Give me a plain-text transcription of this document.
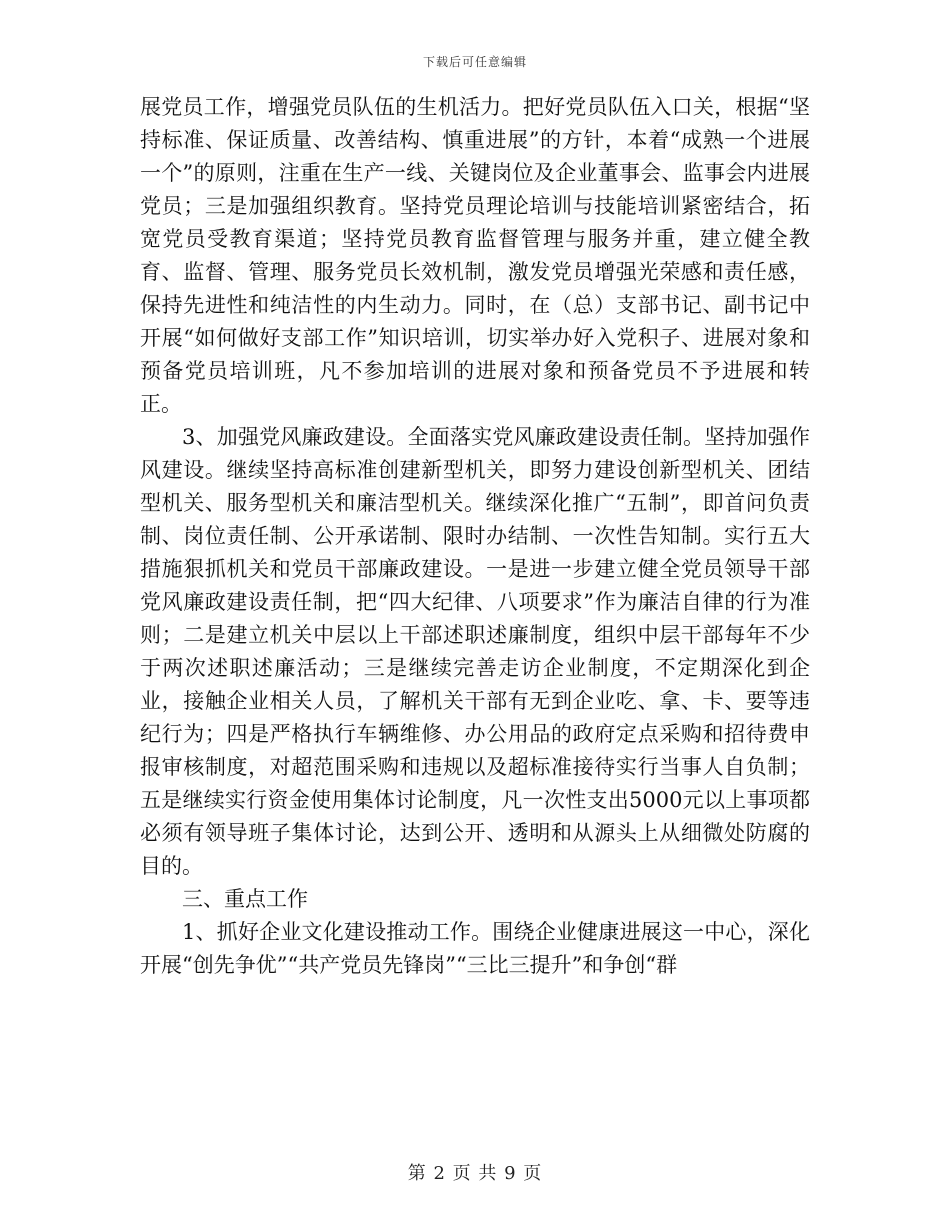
下载后可任意编辑

展党员工作，增强党员队伍的生机活力。把好党员队伍入口关，根据“坚持标准、保证质量、改善结构、慎重进展”的方针，本着“成熟一个进展一个”的原则，注重在生产一线、关键岗位及企业董事会、监事会内进展党员；三是加强组织教育。坚持党员理论培训与技能培训紧密结合，拓宽党员受教育渠道；坚持党员教育监督管理与服务并重，建立健全教育、监督、管理、服务党员长效机制，激发党员增强光荣感和责任感，保持先进性和纯洁性的内生动力。同时，在（总）支部书记、副书记中开展“如何做好支部工作”知识培训，切实举办好入党积子、进展对象和预备党员培训班，凡不参加培训的进展对象和预备党员不予进展和转正。

3、加强党风廉政建设。全面落实党风廉政建设责任制。坚持加强作风建设。继续坚持高标准创建新型机关，即努力建设创新型机关、团结型机关、服务型机关和廉洁型机关。继续深化推广“五制”，即首问负责制、岗位责任制、公开承诺制、限时办结制、一次性告知制。实行五大措施狠抓机关和党员干部廉政建设。一是进一步建立健全党员领导干部党风廉政建设责任制，把“四大纪律、八项要求”作为廉洁自律的行为准则；二是建立机关中层以上干部述职述廉制度，组织中层干部每年不少于两次述职述廉活动；三是继续完善走访企业制度，不定期深化到企业，接触企业相关人员，了解机关干部有无到企业吃、拿、卡、要等违纪行为；四是严格执行车辆维修、办公用品的政府定点采购和招待费申报审核制度，对超范围采购和违规以及超标准接待实行当事人自负制；五是继续实行资金使用集体讨论制度，凡一次性支出5000元以上事项都必须有领导班子集体讨论，达到公开、透明和从源头上从细微处防腐的目的。

三、重点工作

1、抓好企业文化建设推动工作。围绕企业健康进展这一中心，深化开展“创先争优”“共产党员先锋岗”“三比三提升”和争创“群

第 2 页 共 9 页
